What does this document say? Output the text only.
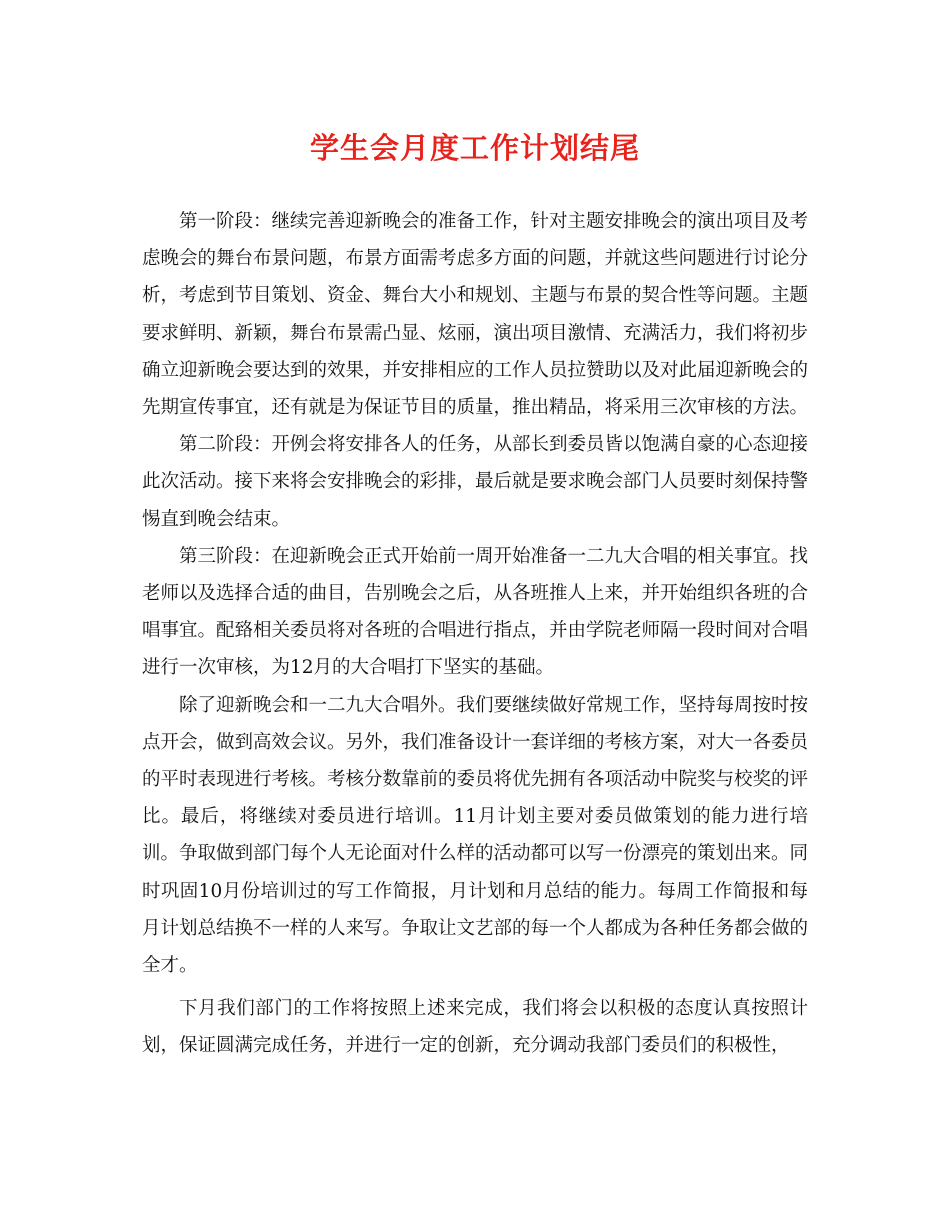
学生会月度工作计划结尾

第一阶段：继续完善迎新晚会的准备工作，针对主题安排晚会的演出项目及考虑晚会的舞台布景问题，布景方面需考虑多方面的问题，并就这些问题进行讨论分析，考虑到节目策划、资金、舞台大小和规划、主题与布景的契合性等问题。主题要求鲜明、新颖，舞台布景需凸显、炫丽，演出项目激情、充满活力，我们将初步确立迎新晚会要达到的效果，并安排相应的工作人员拉赞助以及对此届迎新晚会的先期宣传事宜，还有就是为保证节目的质量，推出精品，将采用三次审核的方法。

第二阶段：开例会将安排各人的任务，从部长到委员皆以饱满自豪的心态迎接此次活动。接下来将会安排晚会的彩排，最后就是要求晚会部门人员要时刻保持警惕直到晚会结束。

第三阶段：在迎新晚会正式开始前一周开始准备一二九大合唱的相关事宜。找老师以及选择合适的曲目，告别晚会之后，从各班推人上来，并开始组织各班的合唱事宜。配臵相关委员将对各班的合唱进行指点，并由学院老师隔一段时间对合唱进行一次审核，为12月的大合唱打下坚实的基础。

除了迎新晚会和一二九大合唱外。我们要继续做好常规工作，坚持每周按时按点开会，做到高效会议。另外，我们准备设计一套详细的考核方案，对大一各委员的平时表现进行考核。考核分数靠前的委员将优先拥有各项活动中院奖与校奖的评比。最后，将继续对委员进行培训。11月计划主要对委员做策划的能力进行培训。争取做到部门每个人无论面对什么样的活动都可以写一份漂亮的策划出来。同时巩固10月份培训过的写工作简报，月计划和月总结的能力。每周工作简报和每月计划总结换不一样的人来写。争取让文艺部的每一个人都成为各种任务都会做的全才。

下月我们部门的工作将按照上述来完成，我们将会以积极的态度认真按照计划，保证圆满完成任务，并进行一定的创新，充分调动我部门委员们的积极性，
